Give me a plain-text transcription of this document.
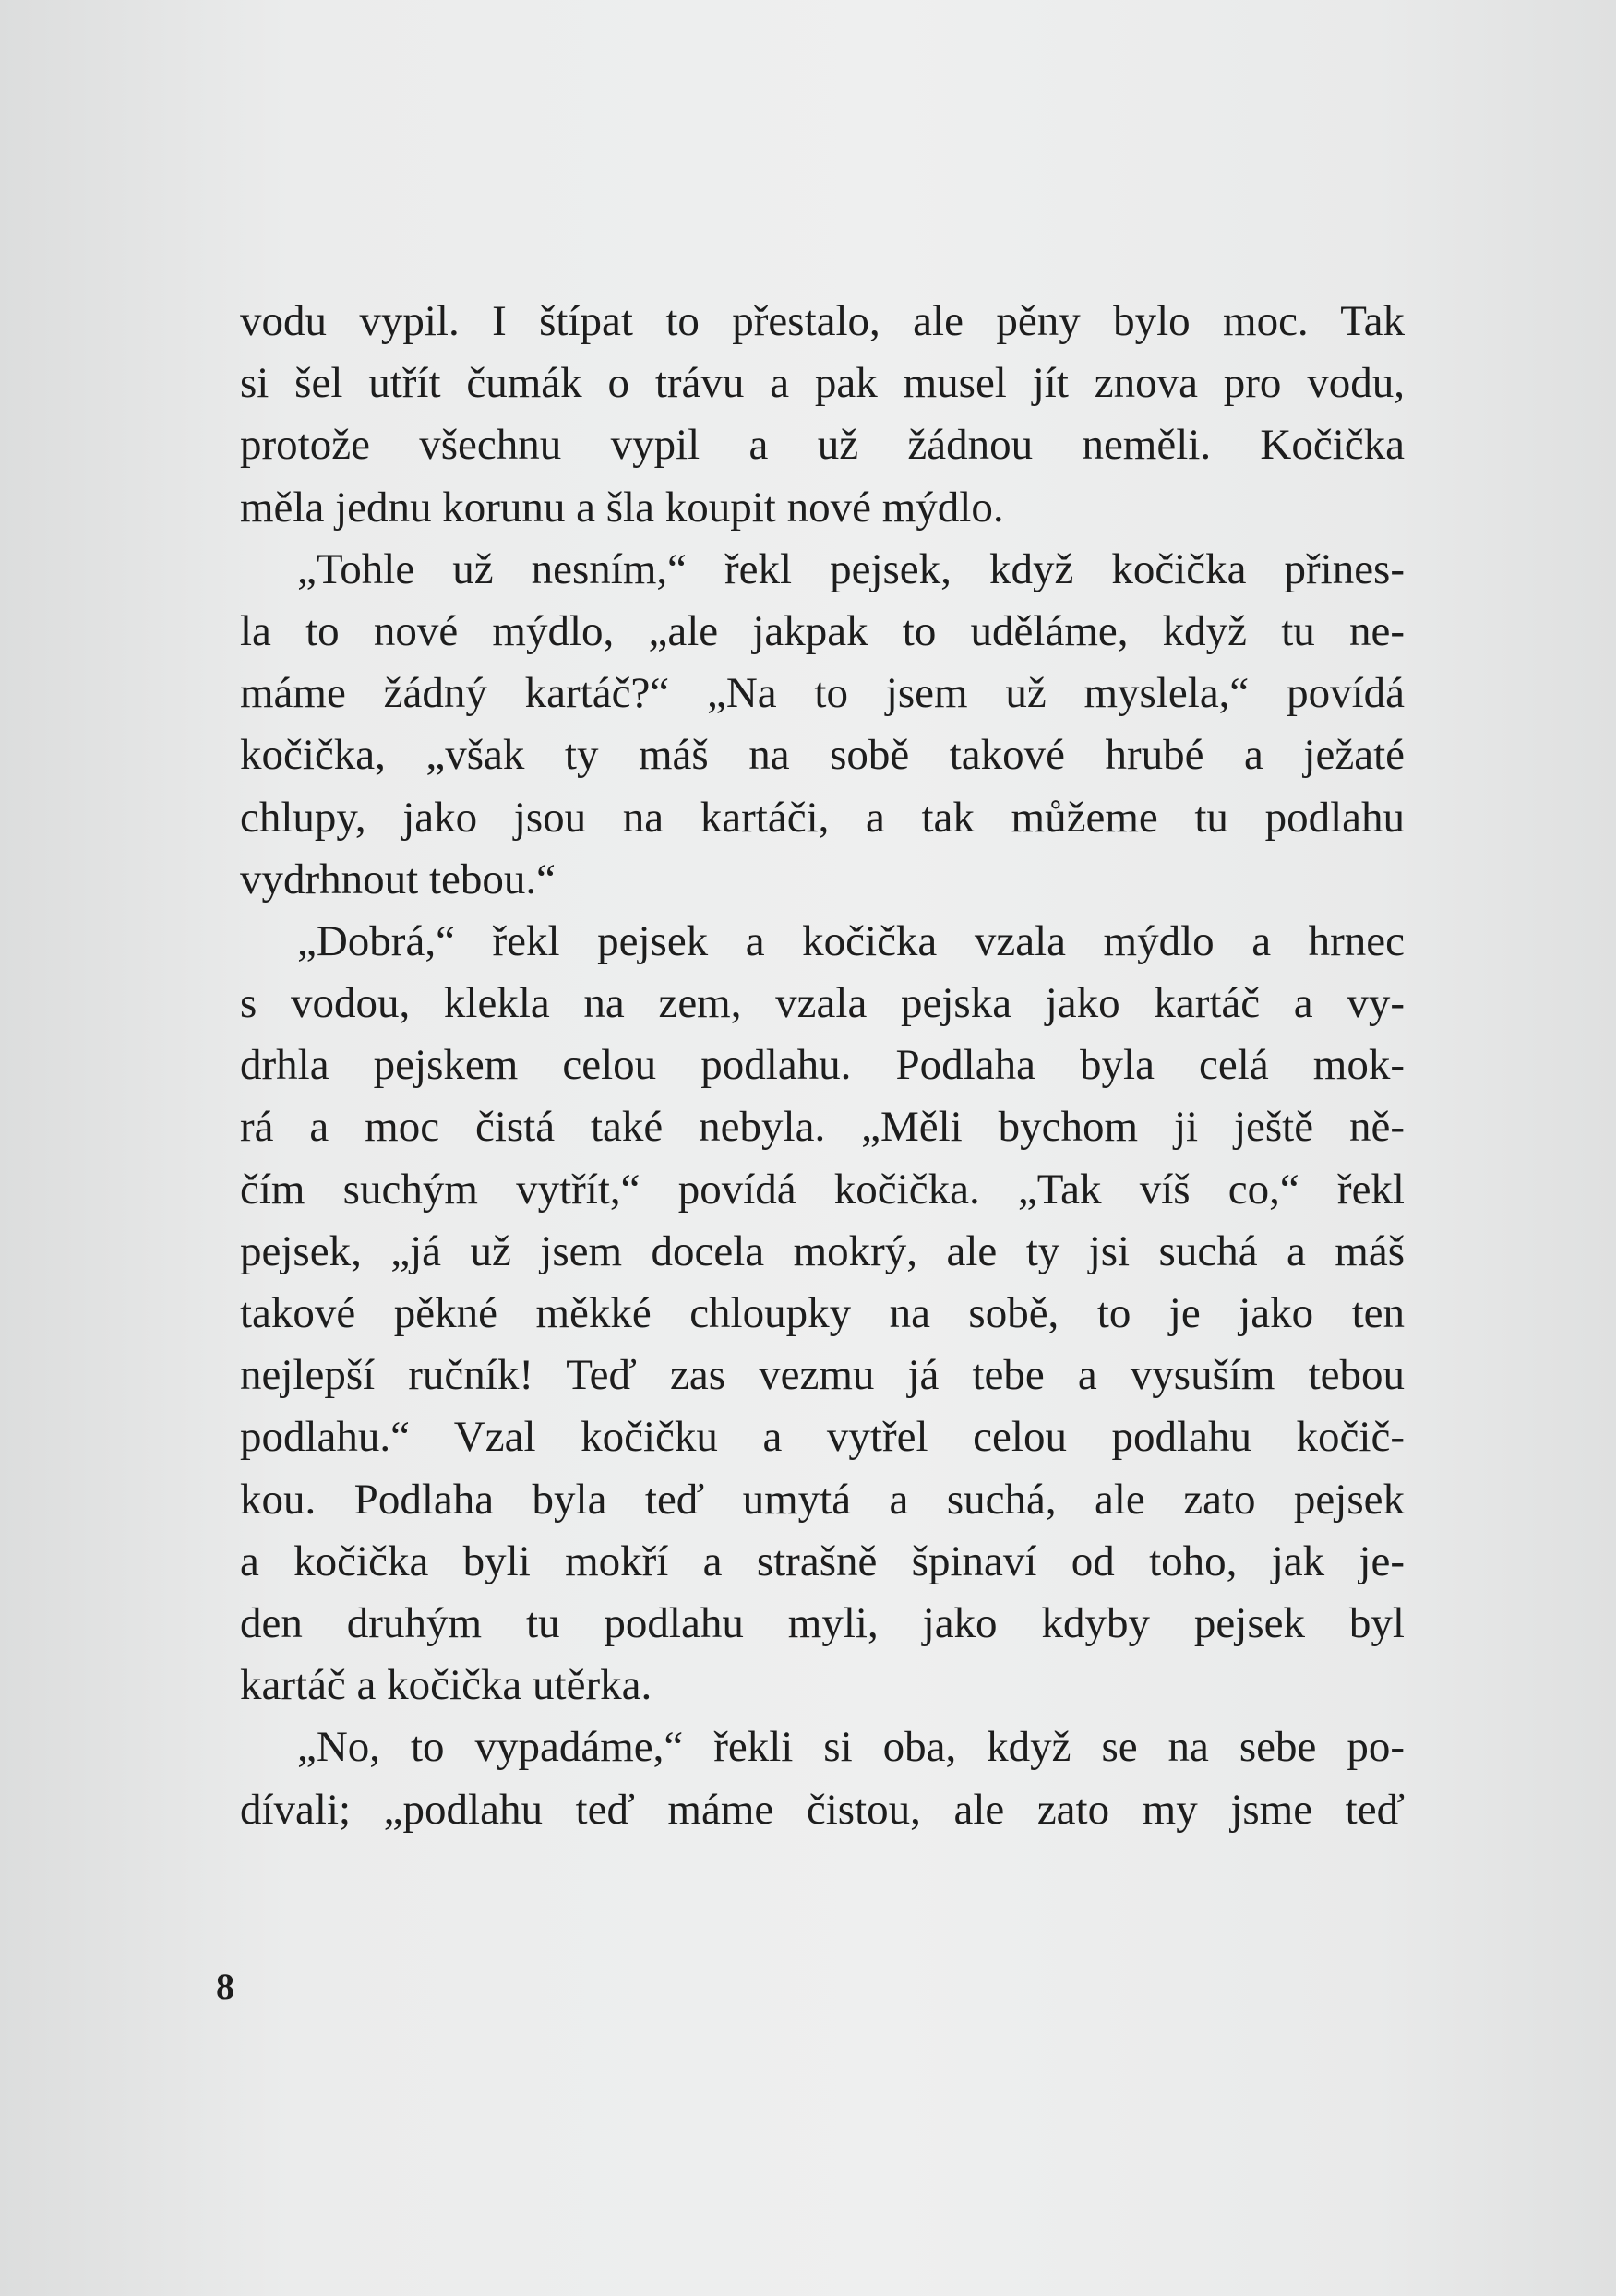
vodu vypil. I štípat to přestalo, ale pěny bylo moc. Tak
si šel utřít čumák o trávu a pak musel jít znova pro vodu,
protože všechnu vypil a už žádnou neměli. Kočička
měla jednu korunu a šla koupit nové mýdlo.
„Tohle už nesním,“ řekl pejsek, když kočička přines-
la to nové mýdlo, „ale jakpak to uděláme, když tu ne-
máme žádný kartáč?“ „Na to jsem už myslela,“ povídá
kočička, „však ty máš na sobě takové hrubé a ježaté
chlupy, jako jsou na kartáči, a tak můžeme tu podlahu
vydrhnout tebou.“
„Dobrá,“ řekl pejsek a kočička vzala mýdlo a hrnec
s vodou, klekla na zem, vzala pejska jako kartáč a vy-
drhla pejskem celou podlahu. Podlaha byla celá mok-
rá a moc čistá také nebyla. „Měli bychom ji ještě ně-
čím suchým vytřít,“ povídá kočička. „Tak víš co,“ řekl
pejsek, „já už jsem docela mokrý, ale ty jsi suchá a máš
takové pěkné měkké chloupky na sobě, to je jako ten
nejlepší ručník! Teď zas vezmu já tebe a vysuším tebou
podlahu.“ Vzal kočičku a vytřel celou podlahu kočič-
kou. Podlaha byla teď umytá a suchá, ale zato pejsek
a kočička byli mokří a strašně špinaví od toho, jak je-
den druhým tu podlahu myli, jako kdyby pejsek byl
kartáč a kočička utěrka.
„No, to vypadáme,“ řekli si oba, když se na sebe po-
dívali; „podlahu teď máme čistou, ale zato my jsme teď
8
